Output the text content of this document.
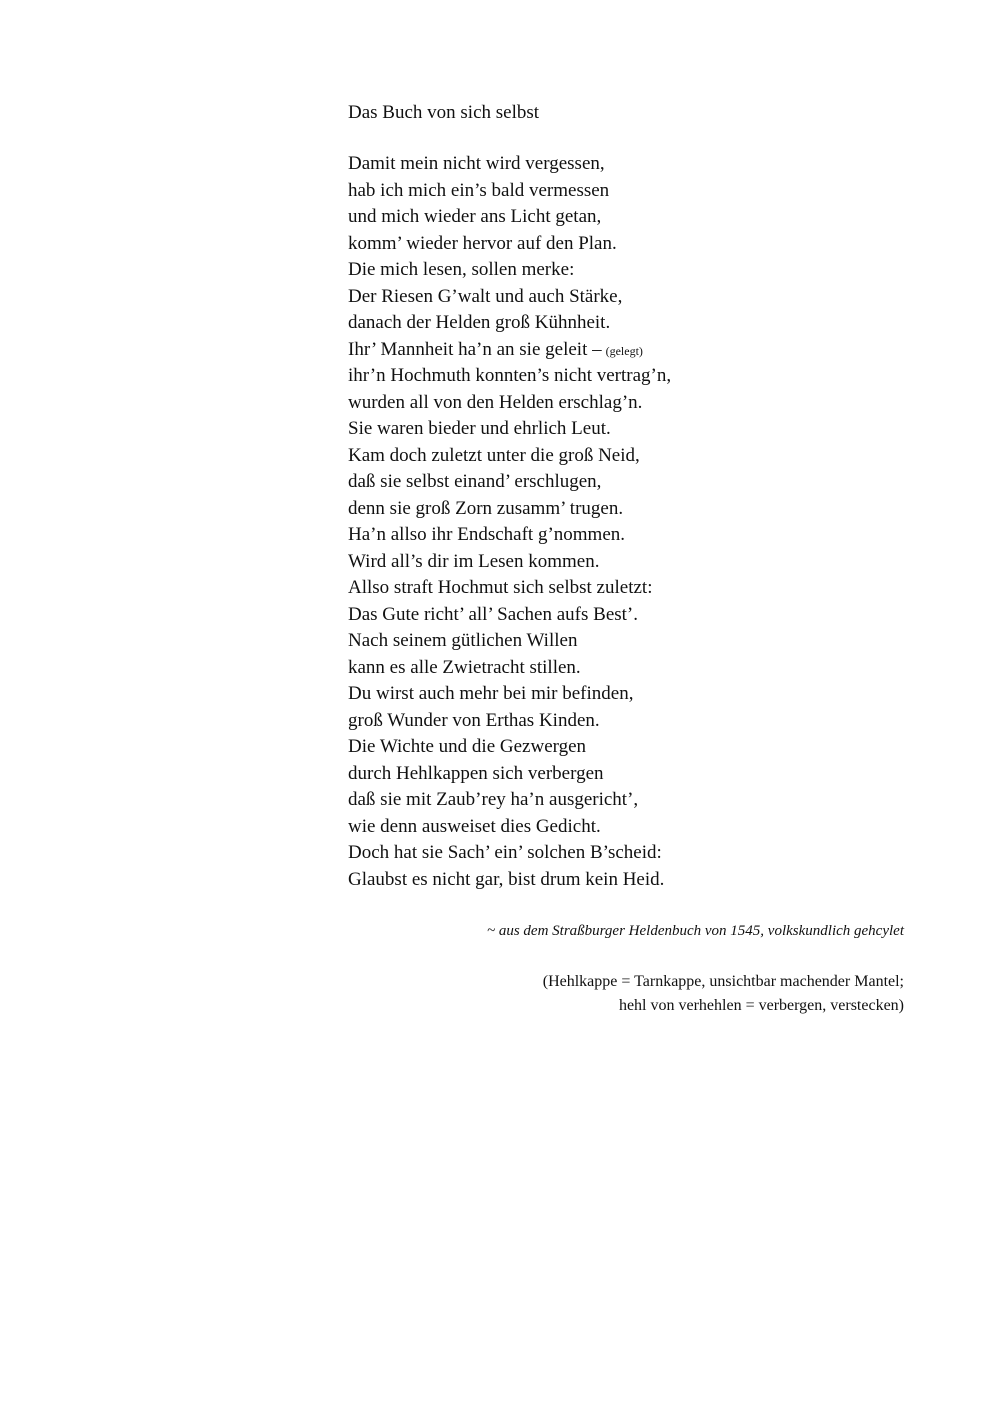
Das Buch von sich selbst
Damit mein nicht wird vergessen,
hab ich mich ein’s bald vermessen
und mich wieder ans Licht getan,
komm’ wieder hervor auf den Plan.
Die mich lesen, sollen merke:
Der Riesen G’walt und auch Stärke,
danach der Helden groß Kühnheit.
Ihr’ Mannheit ha’n an sie geleit – (gelegt)
ihr’n Hochmuth konnten’s nicht vertrag’n,
wurden all von den Helden erschlag’n.
Sie waren bieder und ehrlich Leut.
Kam doch zuletzt unter die groß Neid,
daß sie selbst einand’ erschlugen,
denn sie groß Zorn zusamm’ trugen.
Ha’n allso ihr Endschaft g’nommen.
Wird all’s dir im Lesen kommen.
Allso straft Hochmut sich selbst zuletzt:
Das Gute richt’ all’ Sachen aufs Best’.
Nach seinem gütlichen Willen
kann es alle Zwietracht stillen.
Du wirst auch mehr bei mir befinden,
groß Wunder von Erthas Kinden.
Die Wichte und die Gezwergen
durch Hehlkappen sich verbergen
daß sie mit Zaub’rey ha’n ausgericht’,
wie denn ausweiset dies Gedicht.
Doch hat sie Sach’ ein’ solchen B’scheid:
Glaubst es nicht gar, bist drum kein Heid.
~ aus dem Straßburger Heldenbuch von 1545, volkskundlich gehcylet
(Hehlkappe = Tarnkappe, unsichtbar machender Mantel;
hehl von verhehlen = verbergen, verstecken)
